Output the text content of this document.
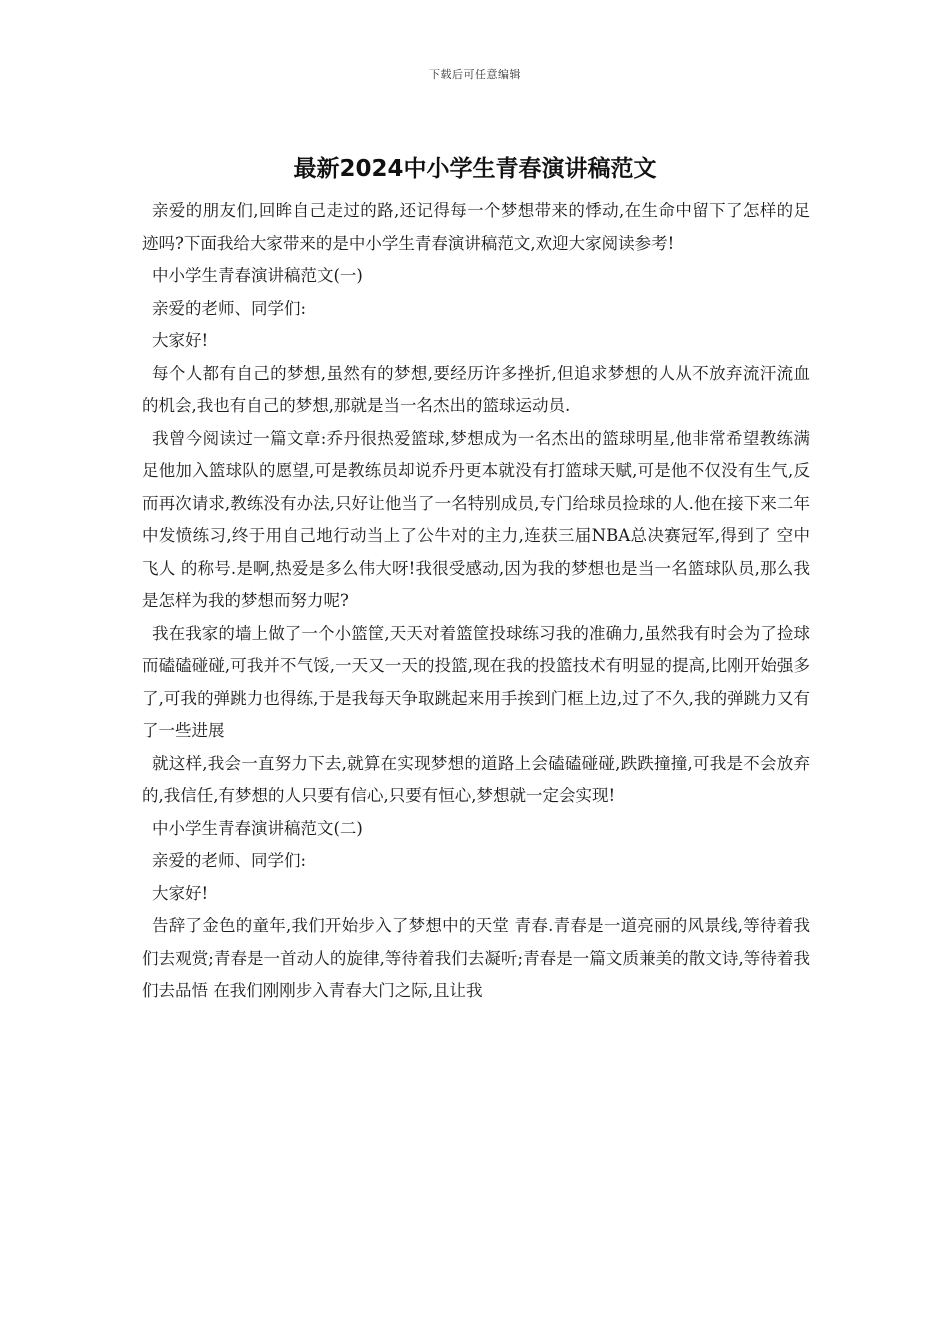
下载后可任意编辑
最新2024中小学生青春演讲稿范文

亲爱的朋友们,回眸自己走过的路,还记得每一个梦想带来的悸动,在生命中留下了怎样的足迹吗?下面我给大家带来的是中小学生青春演讲稿范文,欢迎大家阅读参考!

中小学生青春演讲稿范文(一)

亲爱的老师、同学们:

大家好!

每个人都有自己的梦想,虽然有的梦想,要经历许多挫折,但追求梦想的人从不放弃流汗流血的机会,我也有自己的梦想,那就是当一名杰出的篮球运动员.

我曾今阅读过一篇文章:乔丹很热爱篮球,梦想成为一名杰出的篮球明星,他非常希望教练满足他加入篮球队的愿望,可是教练员却说乔丹更本就没有打篮球天赋,可是他不仅没有生气,反而再次请求,教练没有办法,只好让他当了一名特别成员,专门给球员捡球的人.他在接下来二年中发愤练习,终于用自己地行动当上了公牛对的主力,连获三届NBA总决赛冠军,得到了 空中飞人 的称号.是啊,热爱是多么伟大呀!我很受感动,因为我的梦想也是当一名篮球队员,那么我是怎样为我的梦想而努力呢?

我在我家的墙上做了一个小篮筐,天天对着篮筐投球练习我的准确力,虽然我有时会为了捡球而磕磕碰碰,可我并不气馁,一天又一天的投篮,现在我的投篮技术有明显的提高,比刚开始强多了,可我的弹跳力也得练,于是我每天争取跳起来用手挨到门框上边,过了不久,我的弹跳力又有了一些进展

就这样,我会一直努力下去,就算在实现梦想的道路上会磕磕碰碰,跌跌撞撞,可我是不会放弃的,我信任,有梦想的人只要有信心,只要有恒心,梦想就一定会实现!

中小学生青春演讲稿范文(二)

亲爱的老师、同学们:

大家好!

告辞了金色的童年,我们开始步入了梦想中的天堂 青春.青春是一道亮丽的风景线,等待着我们去观赏;青春是一首动人的旋律,等待着我们去凝听;青春是一篇文质兼美的散文诗,等待着我们去品悟 在我们刚刚步入青春大门之际,且让我
